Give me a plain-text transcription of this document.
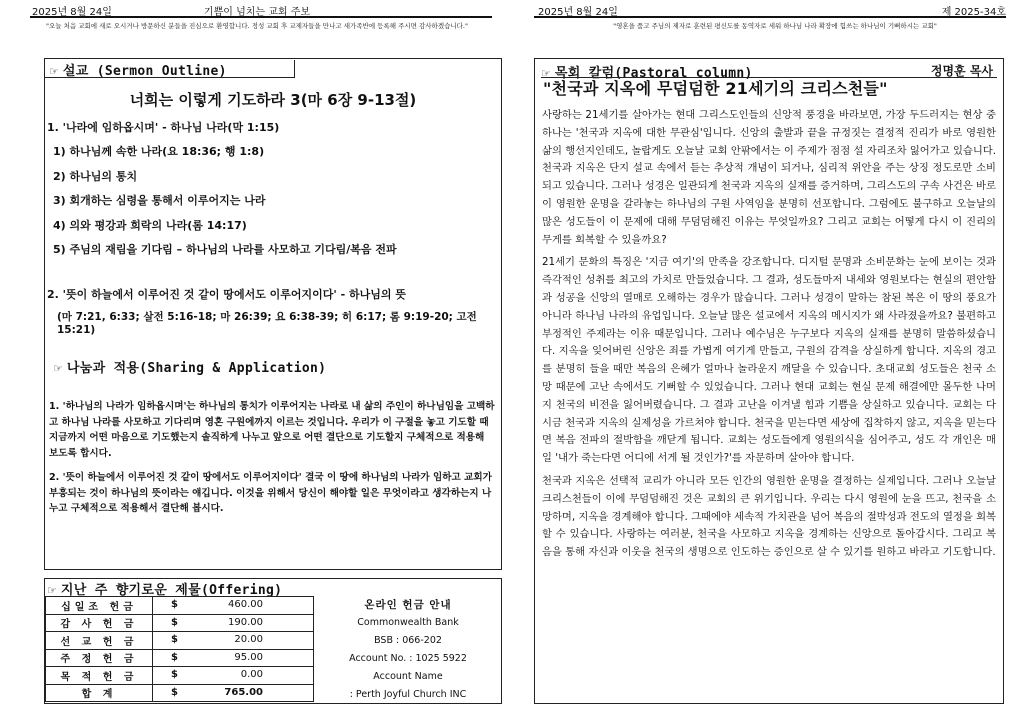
2025년 8월 24일	기쁨이 넘치는 교회 주보
"오늘 처음 교회에 새로 오시거나 방문하신 분들을 진심으로 환영합니다. 정성 교회 후 교제자들을 만나고 새가족반에 등록해 주시면 감사하겠습니다."
☞ 설교 (Sermon Outline)
너희는 이렇게 기도하라 3(마 6장 9-13절)

1. '나라에 임하옵시며' - 하나님 나라(막 1:15)

1) 하나님께 속한 나라(요 18:36; 행 1:8)
2) 하나님의 통치
3) 회개하는 심령을 통해서 이루어지는 나라
4) 의와 평강과 희락의 나라(롬 14:17)
5) 주님의 재림을 기다림 – 하나님의 나라를 사모하고 기다림/복음 전파

2. '뜻이 하늘에서 이루어진 것 같이 땅에서도 이루어지이다' - 하나님의 뜻

(마 7:21, 6:33; 살전 5:16-18; 마 26:39; 요 6:38-39; 히 6:17; 롬 9:19-20; 고전 15:21)

☞ 나눔과 적용(Sharing & Application)

1. '하나님의 나라가 임하옵시며'는 하나님의 통치가 이루어지는 나라로 내 삶의 주인이 하나님임을 고백하고 하나님 나라를 사모하고 기다리며 영혼 구원에까지 이르는 것입니다. 우리가 이 구절을 놓고 기도할 때 지금까지 어떤 마음으로 기도했는지 솔직하게 나누고 앞으로 어떤 결단으로 기도할지 구체적으로 적용해 보도록 합시다.

2. '뜻이 하늘에서 이루어진 것 같이 땅에서도 이루어지이다' 결국 이 땅에 하나님의 나라가 임하고 교회가 부흥되는 것이 하나님의 뜻이라는 얘깁니다. 이것을 위해서 당신이 해야할 일은 무엇이라고 생각하는지 나누고 구체적으로 적용해서 결단해 봅시다.

☞ 지난 주 향기로운 제물(Offering)
십일조 헌금	$ 460.00

감 사 헌 금	$ 190.00

선 교 헌 금	$ 20.00

주 정 헌 금	$ 95.00

목 적 헌 금	$ 0.00

합 계	$ 765.00
온라인 헌금 안내
Commonwealth Bank
BSB : 066-202
Account No. : 1025 5922
Account Name
: Perth Joyful Church INC
2025년 8월 24일	제 2025-34호
"영혼을 품고 주님의 제자로 훈련된 평신도를 동역자로 세워 하나님 나라 확장에 힘쓰는 하나님이 기뻐하시는 교회"
☞ 목회 칼럼(Pastoral column)	정명훈 목사
"천국과 지옥에 무덤덤한 21세기의 크리스천들"

사랑하는 21세기를 살아가는 현대 그리스도인들의 신앙적 풍경을 바라보면, 가장 두드러지는 현상 중 하나는 '천국과 지옥에 대한 무관심'입니다. 신앙의 출발과 끝을 규정짓는 결정적 진리가 바로 영원한 삶의 행선지인데도, 놀랍게도 오늘날 교회 안팎에서는 이 주제가 점점 설 자리조차 잃어가고 있습니다. 천국과 지옥은 단지 설교 속에서 듣는 추상적 개념이 되거나, 심리적 위안을 주는 상징 정도로만 소비되고 있습니다. 그러나 성경은 일관되게 천국과 지옥의 실재를 증거하며, 그리스도의 구속 사건은 바로 이 영원한 운명을 갈라놓는 하나님의 구원 사역임을 분명히 선포합니다. 그럼에도 불구하고 오늘날의 많은 성도들이 이 문제에 대해 무덤덤해진 이유는 무엇일까요? 그리고 교회는 어떻게 다시 이 진리의 무게를 회복할 수 있을까요?

21세기 문화의 특징은 '지금 여기'의 만족을 강조합니다. 디지털 문명과 소비문화는 눈에 보이는 것과 즉각적인 성취를 최고의 가치로 만들었습니다. 그 결과, 성도들마저 내세와 영원보다는 현실의 편안함과 성공을 신앙의 열매로 오해하는 경우가 많습니다. 그러나 성경이 말하는 참된 복은 이 땅의 풍요가 아니라 하나님 나라의 유업입니다. 오늘날 많은 설교에서 지옥의 메시지가 왜 사라졌을까요? 불편하고 부정적인 주제라는 이유 때문입니다. 그러나 예수님은 누구보다 지옥의 실재를 분명히 말씀하셨습니다. 지옥을 잊어버린 신앙은 죄를 가볍게 여기게 만들고, 구원의 감격을 상실하게 합니다. 지옥의 경고를 분명히 들을 때만 복음의 은혜가 얼마나 놀라운지 깨달을 수 있습니다. 초대교회 성도들은 천국 소망 때문에 고난 속에서도 기뻐할 수 있었습니다. 그러나 현대 교회는 현실 문제 해결에만 몰두한 나머지 천국의 비전을 잃어버렸습니다. 그 결과 고난을 이겨낼 힘과 기쁨을 상실하고 있습니다. 교회는 다시금 천국과 지옥의 실제성을 가르쳐야 합니다. 천국을 믿는다면 세상에 집착하지 않고, 지옥을 믿는다면 복음 전파의 절박함을 깨닫게 됩니다. 교회는 성도들에게 영원의식을 심어주고, 성도 각 개인은 매일 '내가 죽는다면 어디에 서게 될 것인가?'를 자문하며 살아야 합니다.

천국과 지옥은 선택적 교리가 아니라 모든 인간의 영원한 운명을 결정하는 실제입니다. 그러나 오늘날 크리스천들이 이에 무덤덤해진 것은 교회의 큰 위기입니다. 우리는 다시 영원에 눈을 뜨고, 천국을 소망하며, 지옥을 경계해야 합니다. 그때에야 세속적 가치관을 넘어 복음의 절박성과 전도의 열정을 회복할 수 있습니다. 사랑하는 여러분, 천국을 사모하고 지옥을 경계하는 신앙으로 돌아갑시다. 그리고 복음을 통해 자신과 이웃을 천국의 생명으로 인도하는 증인으로 살 수 있기를 원하고 바라고 기도합니다.
